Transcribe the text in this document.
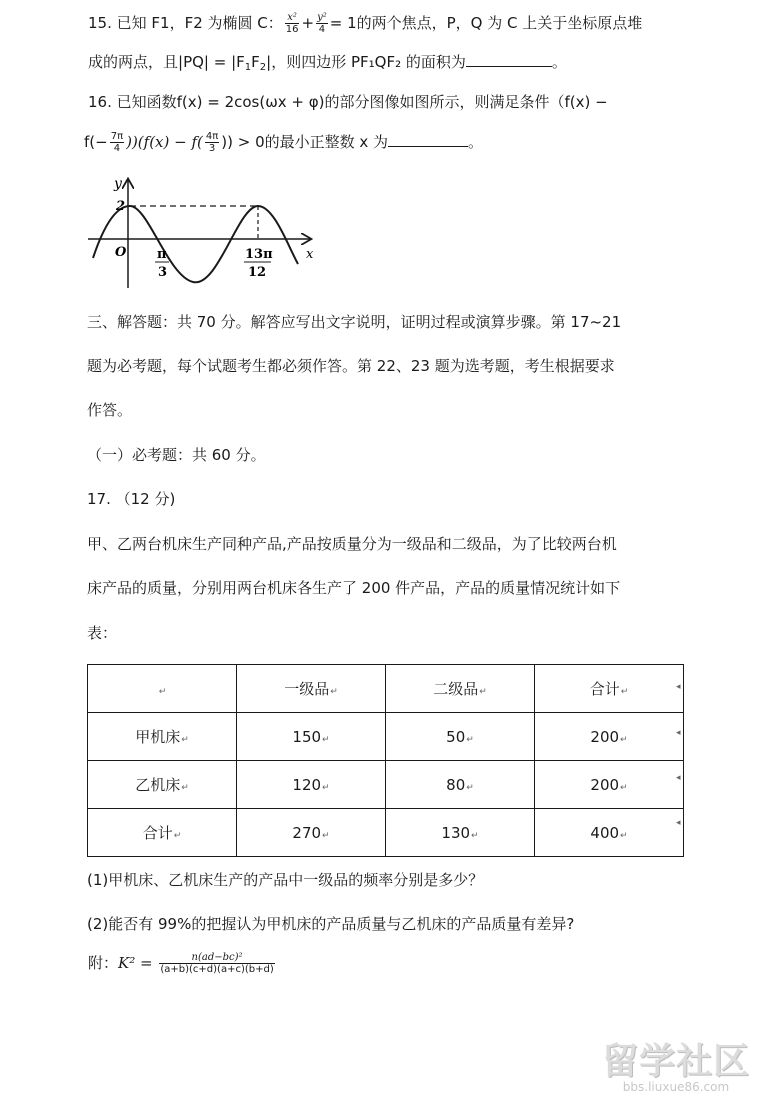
15. 已知 F1，F2 为椭圆 C： $\frac{\text{x²}}{16} + \frac{\text{y²}}{4} = 1$的两个焦点，P，Q 为 C 上关于坐标原点堆
成的两点，且$|PQ| = |F_1F_2|$，则四边形 PF₁QF₂ 的面积为	。
16. 已知函数f(x) = 2cos(ωx + φ)的部分图像如图所示，则满足条件（f(x) −
$f(- \frac{7\pi}{4} ))(f(x) - f( \frac{4\pi}{3}$ )) > 0的最小正整数 x 为	。
y
x
2
O π
3
13π
12
三、解答题：共 70 分。解答应写出文字说明，证明过程或演算步骤。第 17~21
题为必考题，每个试题考生都必须作答。第 22、23 题为选考题，考生根据要求
作答。
（一）必考题：共 60 分。
17. （12 分)
甲、乙两台机床生产同种产品,产品按质量分为一级品和二级品，为了比较两台机
床产品的质量，分别用两台机床各生产了 200 件产品，产品的质量情况统计如下
表：
↵	一级品↵	二级品↵	合计↵
甲机床↵	150↵	50↵	200↵
乙机床↵	120↵	80↵	200↵
合计↵	270↵	130↵	400↵
◂
◂
◂
◂
(1)甲机床、乙机床生产的产品中一级品的频率分别是多少？
(2)能否有 99%的把握认为甲机床的产品质量与乙机床的产品质量有差异?
附：$K^2 = \frac{\text{n(ad−bc)²}}{(a+b)(c+d)(a+c)(b+d)}$
留学社区
bbs.liuxue86.com
